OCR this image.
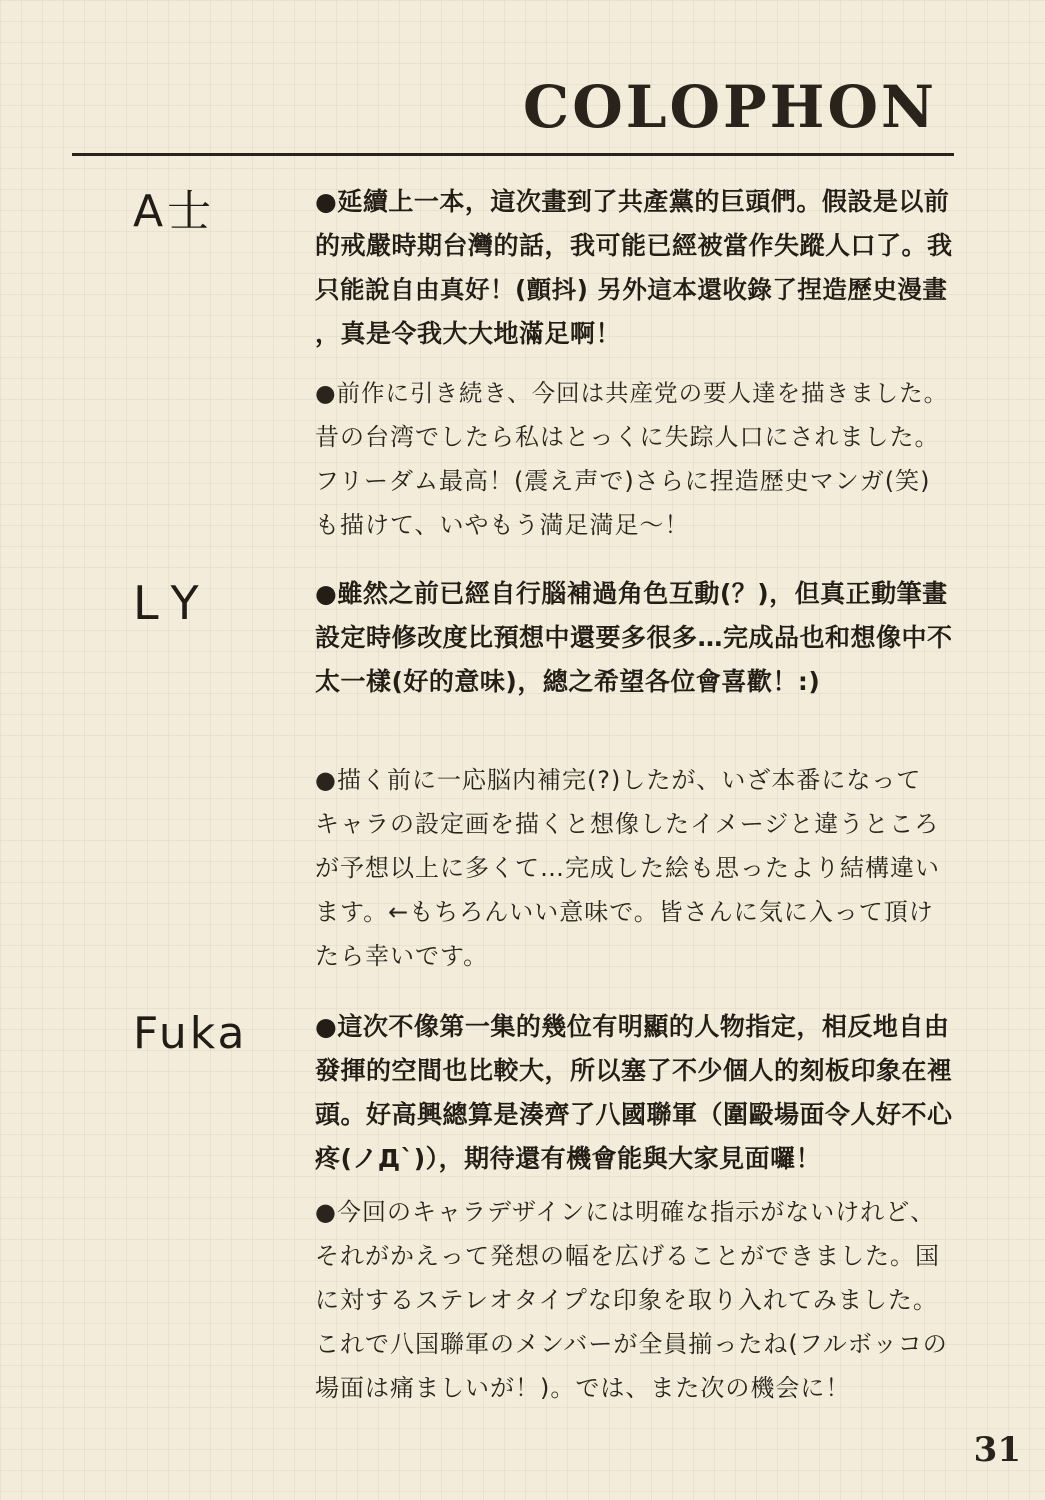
COLOPHON
A士	●延續上一本，這次畫到了共產黨的巨頭們。假設是以前
的戒嚴時期台灣的話，我可能已經被當作失蹤人口了。我
只能說自由真好！(顫抖) 另外這本還收錄了捏造歷史漫畫
，真是令我大大地滿足啊！

●前作に引き続き、今回は共産党の要人達を描きました。
昔の台湾でしたら私はとっくに失踪人口にされました。
フリーダム最高！(震え声で)さらに捏造歴史マンガ(笑)
も描けて、いやもう満足満足～！

LY	●雖然之前已經自行腦補過角色互動(？)，但真正動筆畫
設定時修改度比預想中還要多很多…完成品也和想像中不
太一樣(好的意味)，總之希望各位會喜歡！:)

●描く前に一応脳内補完(?)したが、いざ本番になって
キャラの設定画を描くと想像したイメージと違うところ
が予想以上に多くて…完成した絵も思ったより結構違い
ます。←もちろんいい意味で。皆さんに気に入って頂け
たら幸いです。

Fuka	●這次不像第一集的幾位有明顯的人物指定，相反地自由
發揮的空間也比較大，所以塞了不少個人的刻板印象在裡
頭。好高興總算是湊齊了八國聯軍（圍毆場面令人好不心
疼(ノД`)），期待還有機會能與大家見面囉！

●今回のキャラデザインには明確な指示がないけれど、
それがかえって発想の幅を広げることができました。国
に対するステレオタイプな印象を取り入れてみました。
これで八国聯軍のメンバーが全員揃ったね(フルボッコの
場面は痛ましいが！)。では、また次の機会に！

31
